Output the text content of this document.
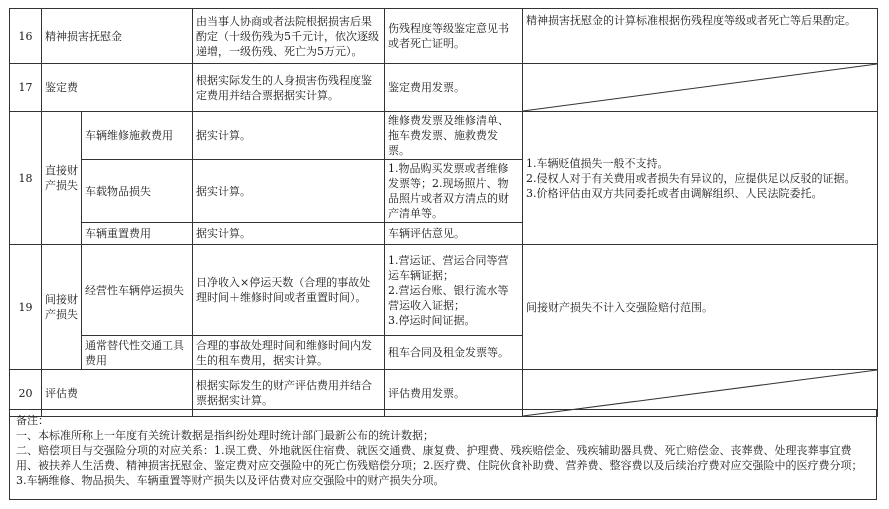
16	精神损害抚慰金		由当事人协商或者法院根据损害后果酌定（十级伤残为5千元计，依次逐级递增，一级伤残、死亡为5万元）。	伤残程度等级鉴定意见书或者死亡证明。	精神损害抚慰金的计算标准根据伤残程度等级或者死亡等后果酌定。
17	鉴定费		根据实际发生的人身损害伤残程度鉴定费用并结合票据据实计算。	鉴定费用发票。	

18	直接财产损失	车辆维修施救费用	据实计算。	维修费发票及维修清单、拖车费发票、施救费发票。	1.车辆贬值损失一般不支持。
2.侵权人对于有关费用或者损失有异议的，应提供足以反驳的证据。
3.价格评估由双方共同委托或者由调解组织、人民法院委托。

		车载物品损失	据实计算。	1.物品购买发票或者维修发票等；2.现场照片、物品照片或者双方清点的财产清单等。	
		车辆重置费用	据实计算。	车辆评估意见。	
19	间接财产损失	经营性车辆停运损失	日净收入×停运天数（合理的事故处理时间＋维修时间或者重置时间）。	1.营运证、营运合同等营运车辆证据；
2.营运台账、银行流水等营运收入证据；
3.停运时间证据。	间接财产损失不计入交强险赔付范围。
		通常替代性交通工具费用	合理的事故处理时间和维修时间内发生的租车费用，据实计算。	租车合同及租金发票等。	
20	评估费		根据实际发生的财产评估费用并结合票据据实计算。	评估费用发票。	
备注：
一、本标准所称上一年度有关统计数据是指纠纷处理时统计部门最新公布的统计数据；
二、赔偿项目与交强险分项的对应关系：1.误工费、外地就医住宿费、就医交通费、康复费、护理费、残疾赔偿金、残疾辅助器具费、死亡赔偿金、丧葬费、处理丧葬事宜费用、被扶养人生活费、精神损害抚慰金、鉴定费对应交强险中的死亡伤残赔偿分项；2.医疗费、住院伙食补助费、营养费、整容费以及后续治疗费对应交强险中的医疗费分项；3.车辆维修、物品损失、车辆重置等财产损失以及评估费对应交强险中的财产损失分项。
